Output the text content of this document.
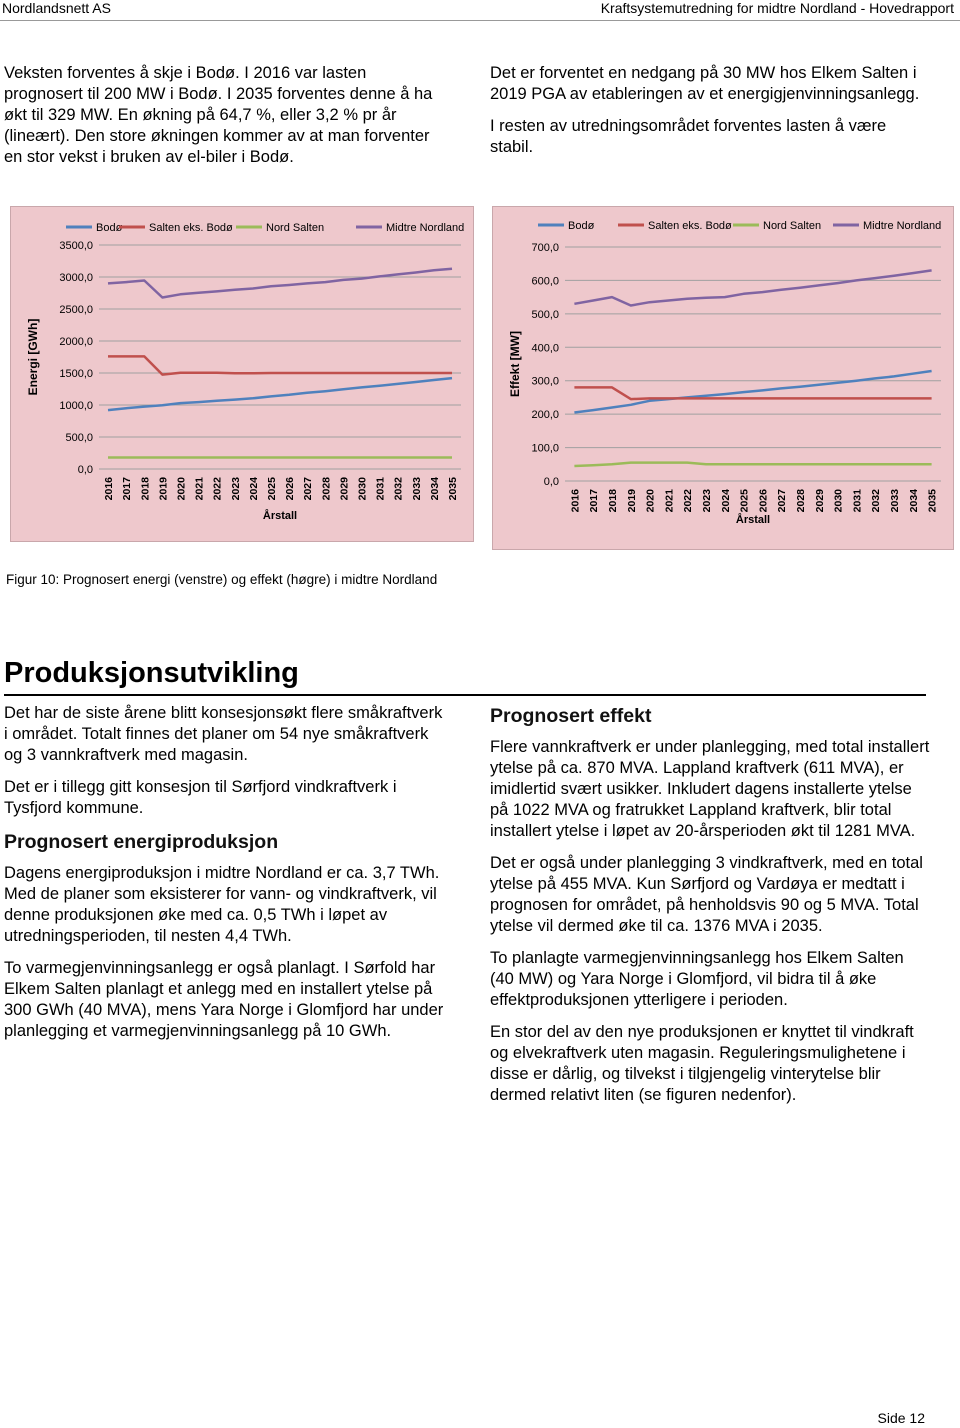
Nordlandsnett AS	Kraftsystemutredning for midtre Nordland - Hovedrapport

Veksten forventes å skje i Bodø. I 2016 var lasten prognosert til 200 MW i Bodø. I 2035 forventes denne å ha økt til 329 MW. En økning på 64,7 %, eller 3,2 % pr år (lineært). Den store økningen kommer av at man forventer en stor vekst i bruken av el-biler i Bodø.

Det er forventet en nedgang på 30 MW hos Elkem Salten i 2019 PGA av etableringen av et energigjenvinningsanlegg.

I resten av utredningsområdet forventes lasten å være stabil.

0,0
500,0
1000,0
1500,0
2000,0
2500,0
3000,0
3500,0
2016 2017 2018 2019 2020 2021 2022 2023 2024 2025 2026 2027 2028 2029 2030 2031 2032 2033 2034 2035
Årstall
Energi [GWh]
Bodø Salten eks. Bodø	Nord Salten	Midtre Nordland
0,0
100,0
200,0
300,0
400,0
500,0
600,0
700,0
2016 2017 2018 2019 2020 2021 2022 2023 2024 2025 2026 2027 2028 2029 2030 2031 2032 2033 2034 2035
Årstall
Effekt [MW]
Bodø	Salten eks. Bodø	Nord Salten	Midtre Nordland
Figur 10: Prognosert energi (venstre) og effekt (høgre) i midtre Nordland
Produksjonsutvikling

Det har de siste årene blitt konsesjonsøkt flere småkraftverk i området. Totalt finnes det planer om 54 nye småkraftverk og 3 vannkraftverk med magasin.

Det er i tillegg gitt konsesjon til Sørfjord vindkraftverk i Tysfjord kommune.

Prognosert energiproduksjon

Dagens energiproduksjon i midtre Nordland er ca. 3,7 TWh. Med de planer som eksisterer for vann- og vindkraftverk, vil denne produksjonen øke med ca. 0,5 TWh i løpet av utredningsperioden, til nesten 4,4 TWh.

To varmegjenvinningsanlegg er også planlagt. I Sørfold har Elkem Salten planlagt et anlegg med en installert ytelse på 300 GWh (40 MVA), mens Yara Norge i Glomfjord har under planlegging et varmegjenvinningsanlegg på 10 GWh.

Prognosert effekt

Flere vannkraftverk er under planlegging, med total installert ytelse på ca. 870 MVA. Lappland kraftverk (611 MVA), er imidlertid svært usikker. Inkludert dagens installerte ytelse på 1022 MVA og fratrukket Lappland kraftverk, blir total installert ytelse i løpet av 20-årsperioden økt til 1281 MVA.

Det er også under planlegging 3 vindkraftverk, med en total ytelse på 455 MVA. Kun Sørfjord og Vardøya er medtatt i prognosen for området, på henholdsvis 90 og 5 MVA. Total ytelse vil dermed øke til ca. 1376 MVA i 2035.

To planlagte varmegjenvinningsanlegg hos Elkem Salten (40 MW) og Yara Norge i Glomfjord, vil bidra til å øke effektproduksjonen ytterligere i perioden.

En stor del av den nye produksjonen er knyttet til vindkraft og elvekraftverk uten magasin. Reguleringsmulighetene i disse er dårlig, og tilvekst i tilgjengelig vinterytelse blir dermed relativt liten (se figuren nedenfor).

Side 12
